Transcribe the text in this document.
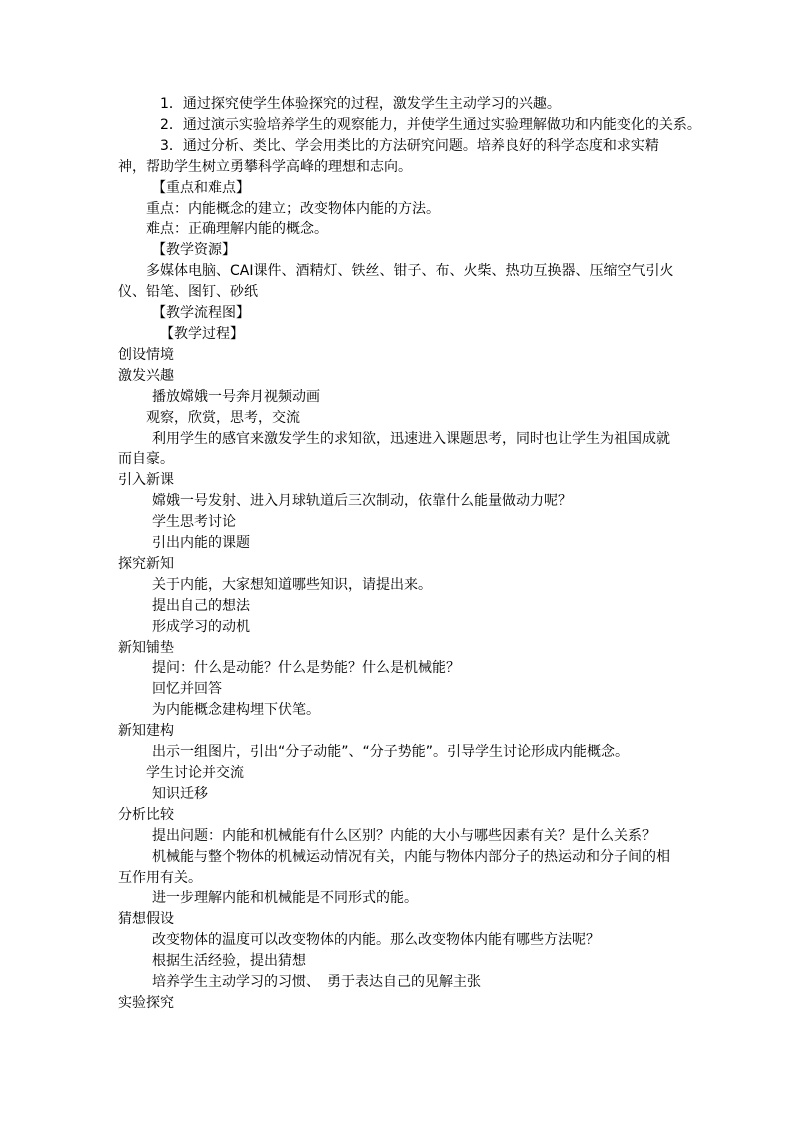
1．通过探究使学生体验探究的过程，激发学生主动学习的兴趣。

2．通过演示实验培养学生的观察能力，并使学生通过实验理解做功和内能变化的关系。

3．通过分析、类比、学会用类比的方法研究问题。培养良好的科学态度和求实精神，帮助学生树立勇攀科学高峰的理想和志向。

【重点和难点】

重点：内能概念的建立；改变物体内能的方法。

难点：正确理解内能的概念。

【教学资源】

多媒体电脑、CAI课件、酒精灯、铁丝、钳子、布、火柴、热功互换器、压缩空气引火仪、铅笔、图钉、砂纸

【教学流程图】

【教学过程】

创设情境

激发兴趣

播放嫦娥一号奔月视频动画

观察，欣赏，思考，交流

利用学生的感官来激发学生的求知欲，迅速进入课题思考，同时也让学生为祖国成就而自豪。

引入新课

嫦娥一号发射、进入月球轨道后三次制动，依靠什么能量做动力呢？

学生思考讨论

引出内能的课题

探究新知

关于内能，大家想知道哪些知识，请提出来。

提出自己的想法

形成学习的动机

新知铺垫

提问：什么是动能？什么是势能？什么是机械能？

回忆并回答

为内能概念建构埋下伏笔。

新知建构

出示一组图片，引出“分子动能”、“分子势能”。引导学生讨论形成内能概念。

学生讨论并交流

知识迁移

分析比较

提出问题：内能和机械能有什么区别？内能的大小与哪些因素有关？是什么关系？

机械能与整个物体的机械运动情况有关，内能与物体内部分子的热运动和分子间的相互作用有关。

进一步理解内能和机械能是不同形式的能。

猜想假设

改变物体的温度可以改变物体的内能。那么改变物体内能有哪些方法呢？

根据生活经验，提出猜想

培养学生主动学习的习惯、　勇于表达自己的见解主张

实验探究
